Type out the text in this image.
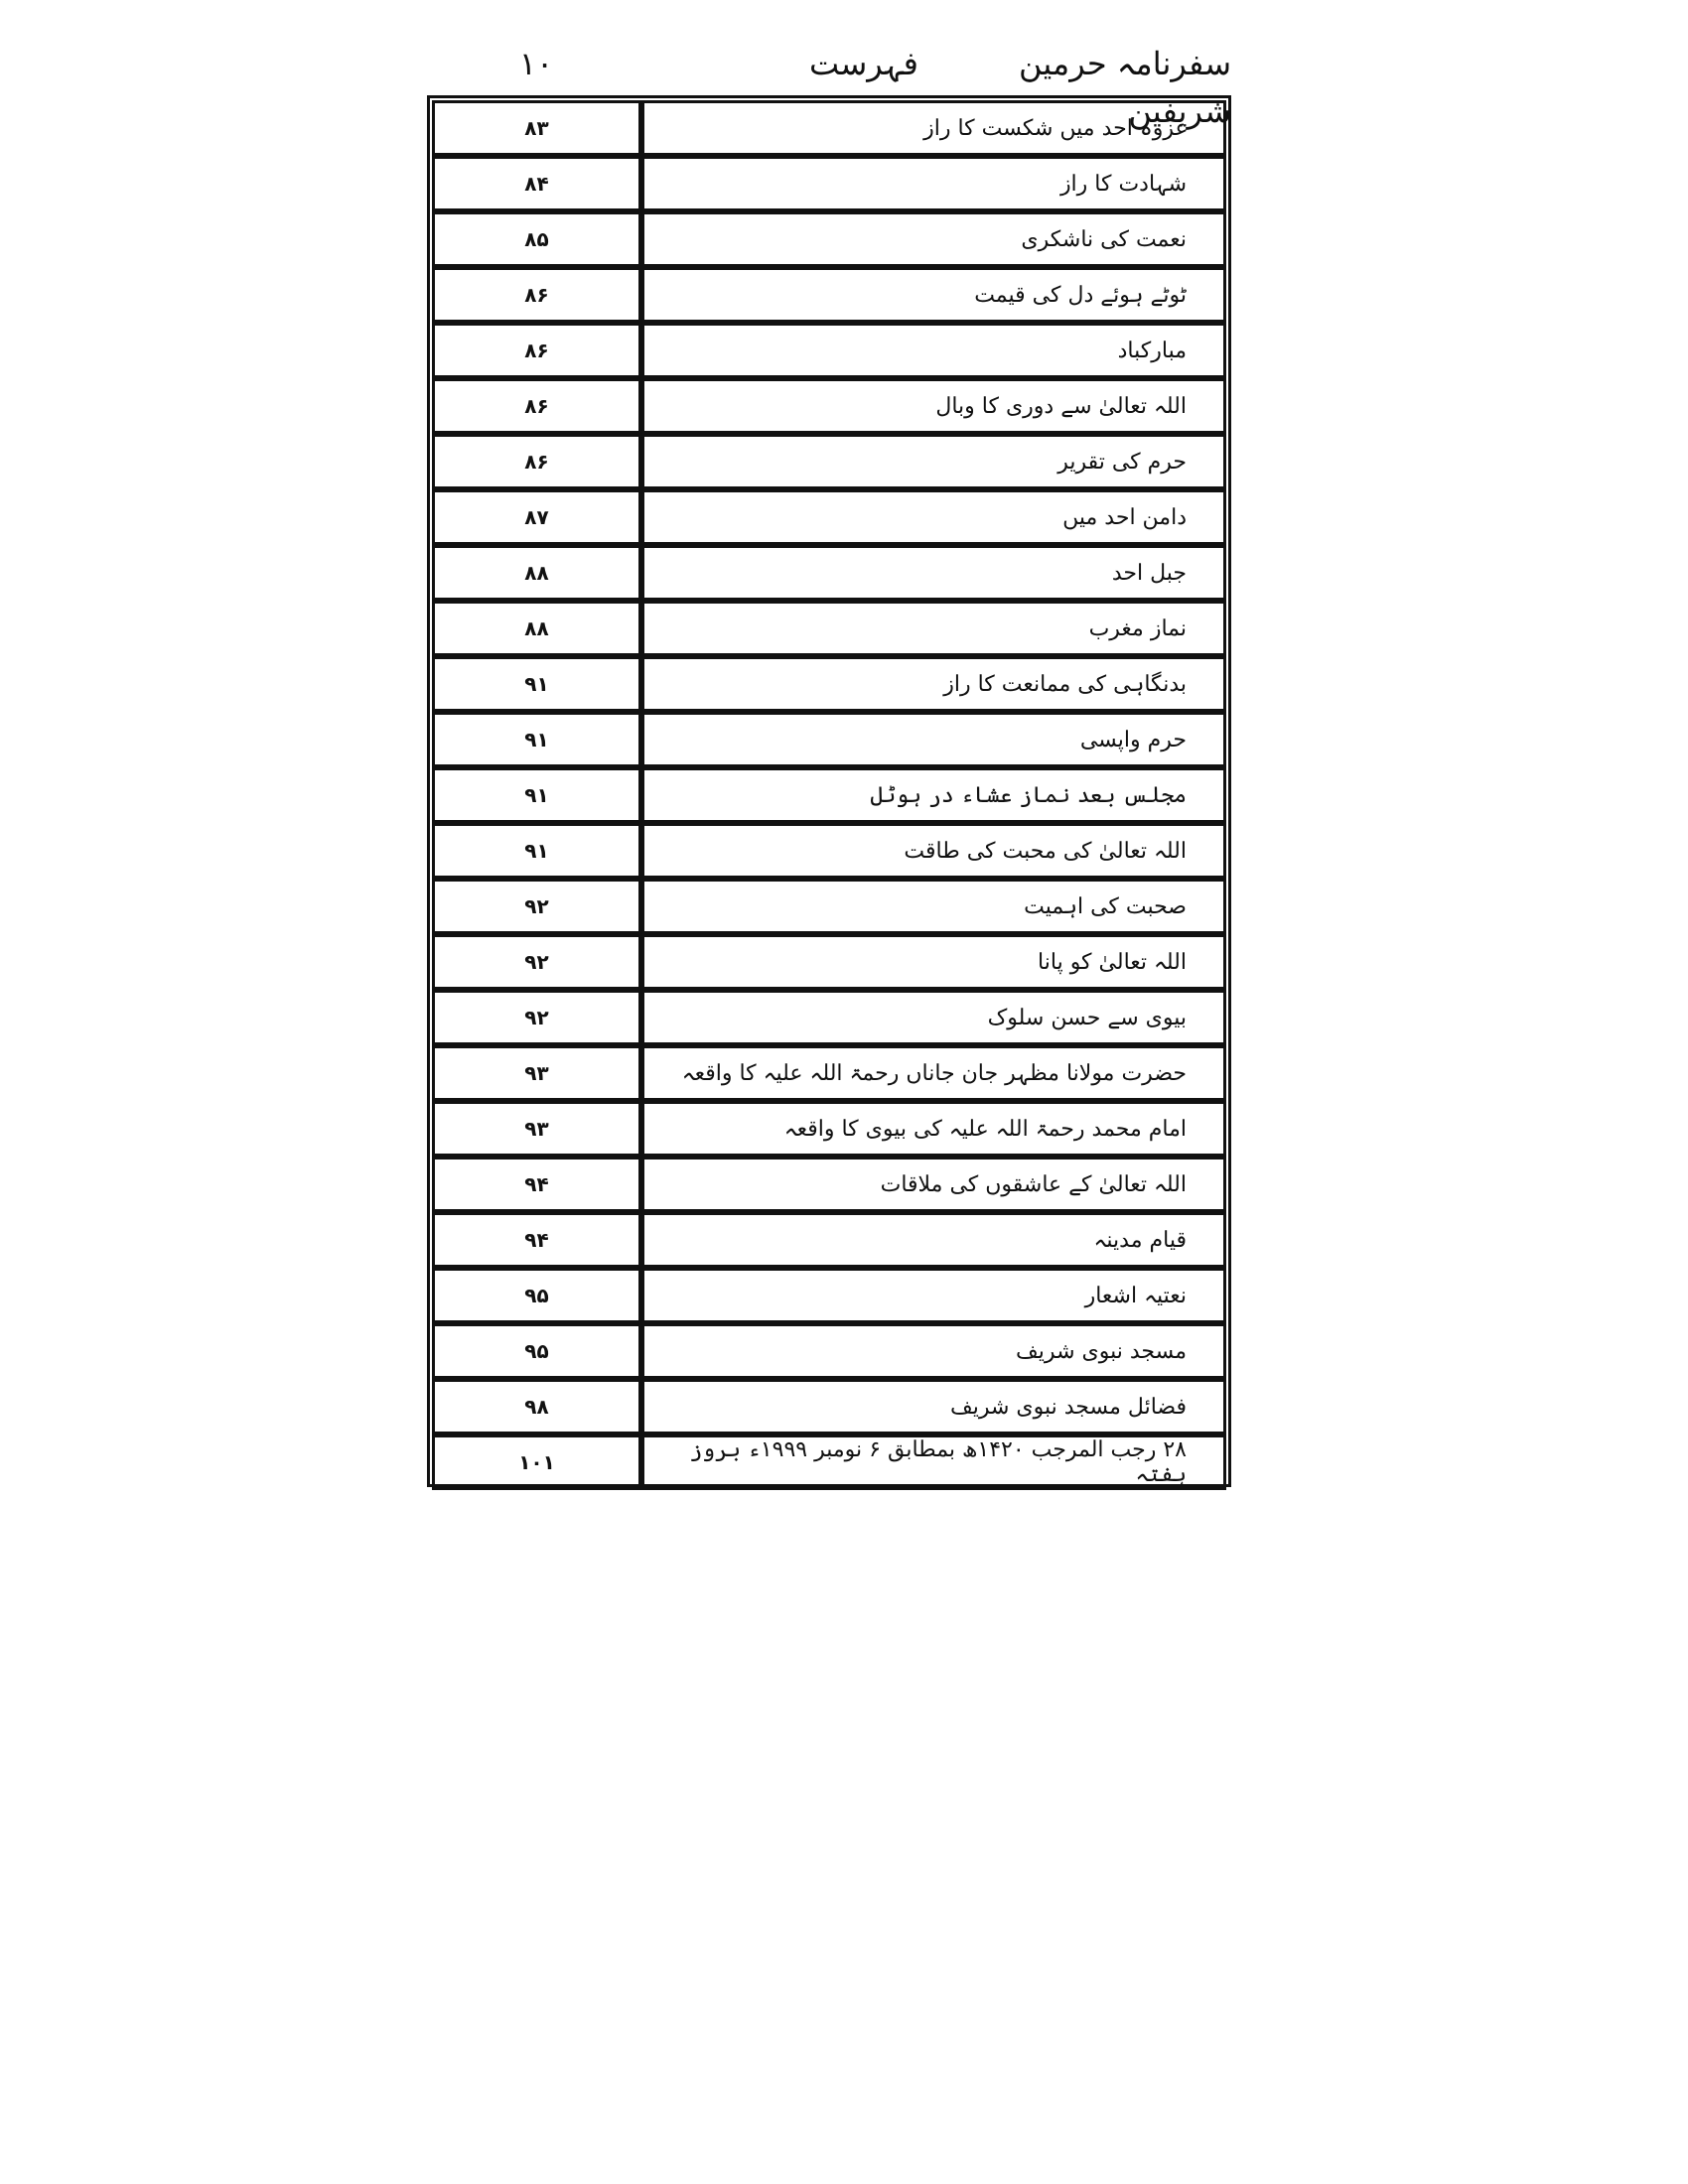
۱۰	فہرست	سفرنامہ حرمین شریفین
۸۳		غزوہ احد میں شکست کا راز
۸۴		شہادت کا راز
۸۵		نعمت کی ناشکری
۸۶		ٹوٹے ہوئے دل کی قیمت
۸۶		مبارکباد
۸۶		اللہ تعالیٰ سے دوری کا وبال
۸۶		حرم کی تقریر
۸۷		دامن احد میں
۸۸		جبل احد
۸۸		نماز مغرب
۹۱		بدنگاہی کی ممانعت کا راز
۹۱		حرم واپسی
۹۱		مجلس بعد نماز عشاء در ہوٹل
۹۱		اللہ تعالیٰ کی محبت کی طاقت
۹۲		صحبت کی اہمیت
۹۲		اللہ تعالیٰ کو پانا
۹۲		بیوی سے حسن سلوک
۹۳		حضرت مولانا مظہر جان جاناں رحمۃ اللہ علیہ کا واقعہ
۹۳		امام محمد رحمۃ اللہ علیہ کی بیوی کا واقعہ
۹۴		اللہ تعالیٰ کے عاشقوں کی ملاقات
۹۴		قیام مدینہ
۹۵		نعتیہ اشعار
۹۵		مسجد نبوی شریف
۹۸		فضائل مسجد نبوی شریف
۱۰۱		۲۸ رجب المرجب ۱۴۲۰ھ بمطابق ۶ نومبر ۱۹۹۹ء بروز ہفتہ
